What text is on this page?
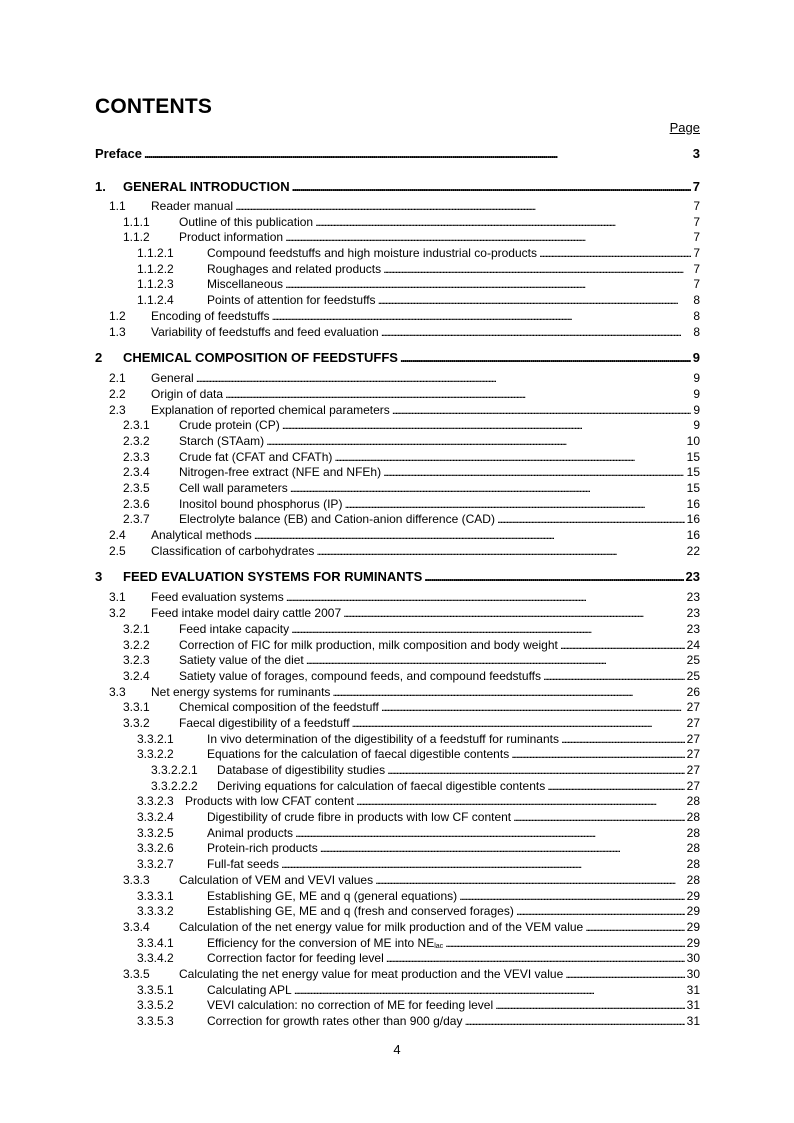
CONTENTS
Page
Preface . . .	3
1.	GENERAL INTRODUCTION . . .	7
1.1	Reader manual . . .	7
1.1.1	Outline of this publication . . .	7
1.1.2	Product information . . .	7
1.1.2.1	Compound feedstuffs and high moisture industrial co-products . . .	7
1.1.2.2	Roughages and related products . . .	7
1.1.2.3	Miscellaneous . . .	7
1.1.2.4	Points of attention for feedstuffs . . .	8
1.2	Encoding of feedstuffs . . .	8
1.3	Variability of feedstuffs and feed evaluation . . .	8
2	CHEMICAL COMPOSITION OF FEEDSTUFFS . . .	9
2.1	General . . .	9
2.2	Origin of data . . .	9
2.3	Explanation of reported chemical parameters . . .	9
2.3.1	Crude protein (CP) . . .	9
2.3.2	Starch (STAam) . . .	10
2.3.3	Crude fat (CFAT and CFATh) . . .	15
2.3.4	Nitrogen-free extract (NFE and NFEh) . . .	15
2.3.5	Cell wall parameters . . .	15
2.3.6	Inositol bound phosphorus (IP) . . .	16
2.3.7	Electrolyte balance (EB) and Cation-anion difference (CAD) . . .	16
2.4	Analytical methods . . .	16
2.5	Classification of carbohydrates . . .	22
3	FEED EVALUATION SYSTEMS FOR RUMINANTS . . .	23
3.1	Feed evaluation systems . . .	23
3.2	Feed intake model dairy cattle 2007 . . .	23
3.2.1	Feed intake capacity . . .	23
3.2.2	Correction of FIC for milk production, milk composition and body weight . . .	24
3.2.3	Satiety value of the diet . . .	25
3.2.4	Satiety value of forages, compound feeds, and compound feedstuffs . . .	25
3.3	Net energy systems for ruminants . . .	26
3.3.1	Chemical composition of the feedstuff . . .	27
3.3.2	Faecal digestibility of a feedstuff . . .	27
3.3.2.1	In vivo determination of the digestibility of a feedstuff for ruminants . . .	27
3.3.2.2	Equations for the calculation of faecal digestible contents . . .	27
3.3.2.2.1	Database of digestibility studies . . .	27
3.3.2.2.2	Deriving equations for calculation of faecal digestible contents . . .	27
3.3.2.3 Products with low CFAT content . . .	28
3.3.2.4	Digestibility of crude fibre in products with low CF content . . .	28
3.3.2.5	Animal products . . .	28
3.3.2.6	Protein-rich products . . .	28
3.3.2.7	Full-fat seeds . . .	28
3.3.3	Calculation of VEM and VEVI values . . .	28
3.3.3.1	Establishing GE, ME and q (general equations) . . .	29
3.3.3.2	Establishing GE, ME and q (fresh and conserved forages) . . .	29
3.3.4	Calculation of the net energy value for milk production and of the VEM value . . .	29
3.3.4.1	Efficiency for the conversion of ME into $NE_{lac}$ . . .	29
3.3.4.2	Correction factor for feeding level . . .	30
3.3.5	Calculating the net energy value for meat production and the VEVI value . . .	30
3.3.5.1	Calculating APL . . .	31
3.3.5.2	VEVI calculation: no correction of ME for feeding level . . .	31
3.3.5.3	Correction for growth rates other than 900 g/day . . .	31
4
